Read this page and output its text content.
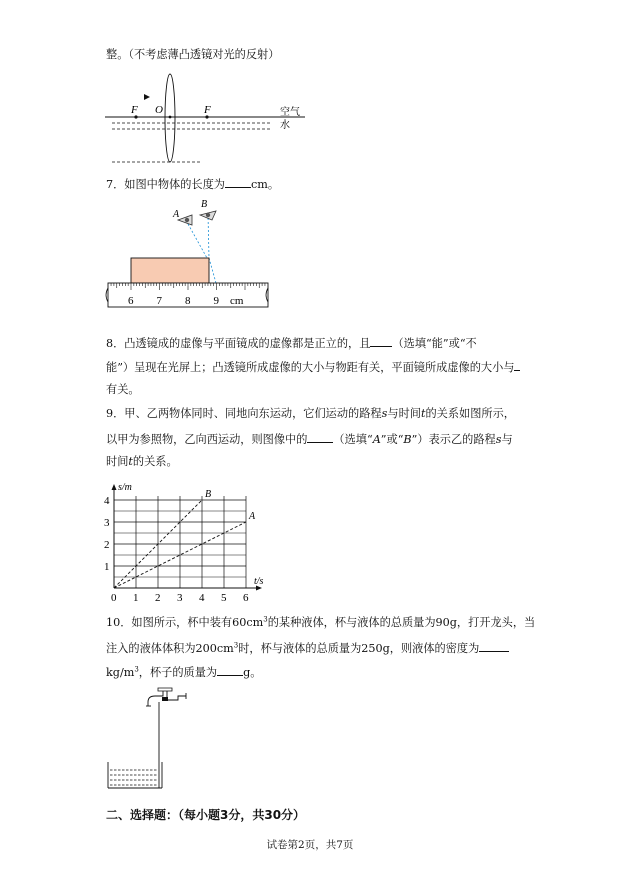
整。（不考虑薄凸透镜对光的反射）
F O	F	空气
水
7．如图中物体的长度为 cm。
A
B
6 7 8 9 cm
8．凸透镜成的虚像与平面镜成的虚像都是正立的，且 （选填“能”或“不
能”）呈现在光屏上；凸透镜所成虚像的大小与物距有关，平面镜所成虚像的大小与
有关。
9．甲、乙两物体同时、同地向东运动，它们运动的路程s与时间t的关系如图所示，
以甲为参照物，乙向西运动，则图像中的 （选填“A”或“B”）表示乙的路程s与
时间t的关系。
A
B
0 1 2 3 4 5 6
1
2
3
4
s/m
t/s
10．如图所示，杯中装有$60cm^3$的某种液体，杯与液体的总质量为90g，打开龙头，当
注入的液体体积为$200cm^3$时，杯与液体的总质量为250g，则液体的密度为
$kg/m^3$，杯子的质量为 g。
二、选择题：（每小题3分，共30分）
试卷第2页，共7页
